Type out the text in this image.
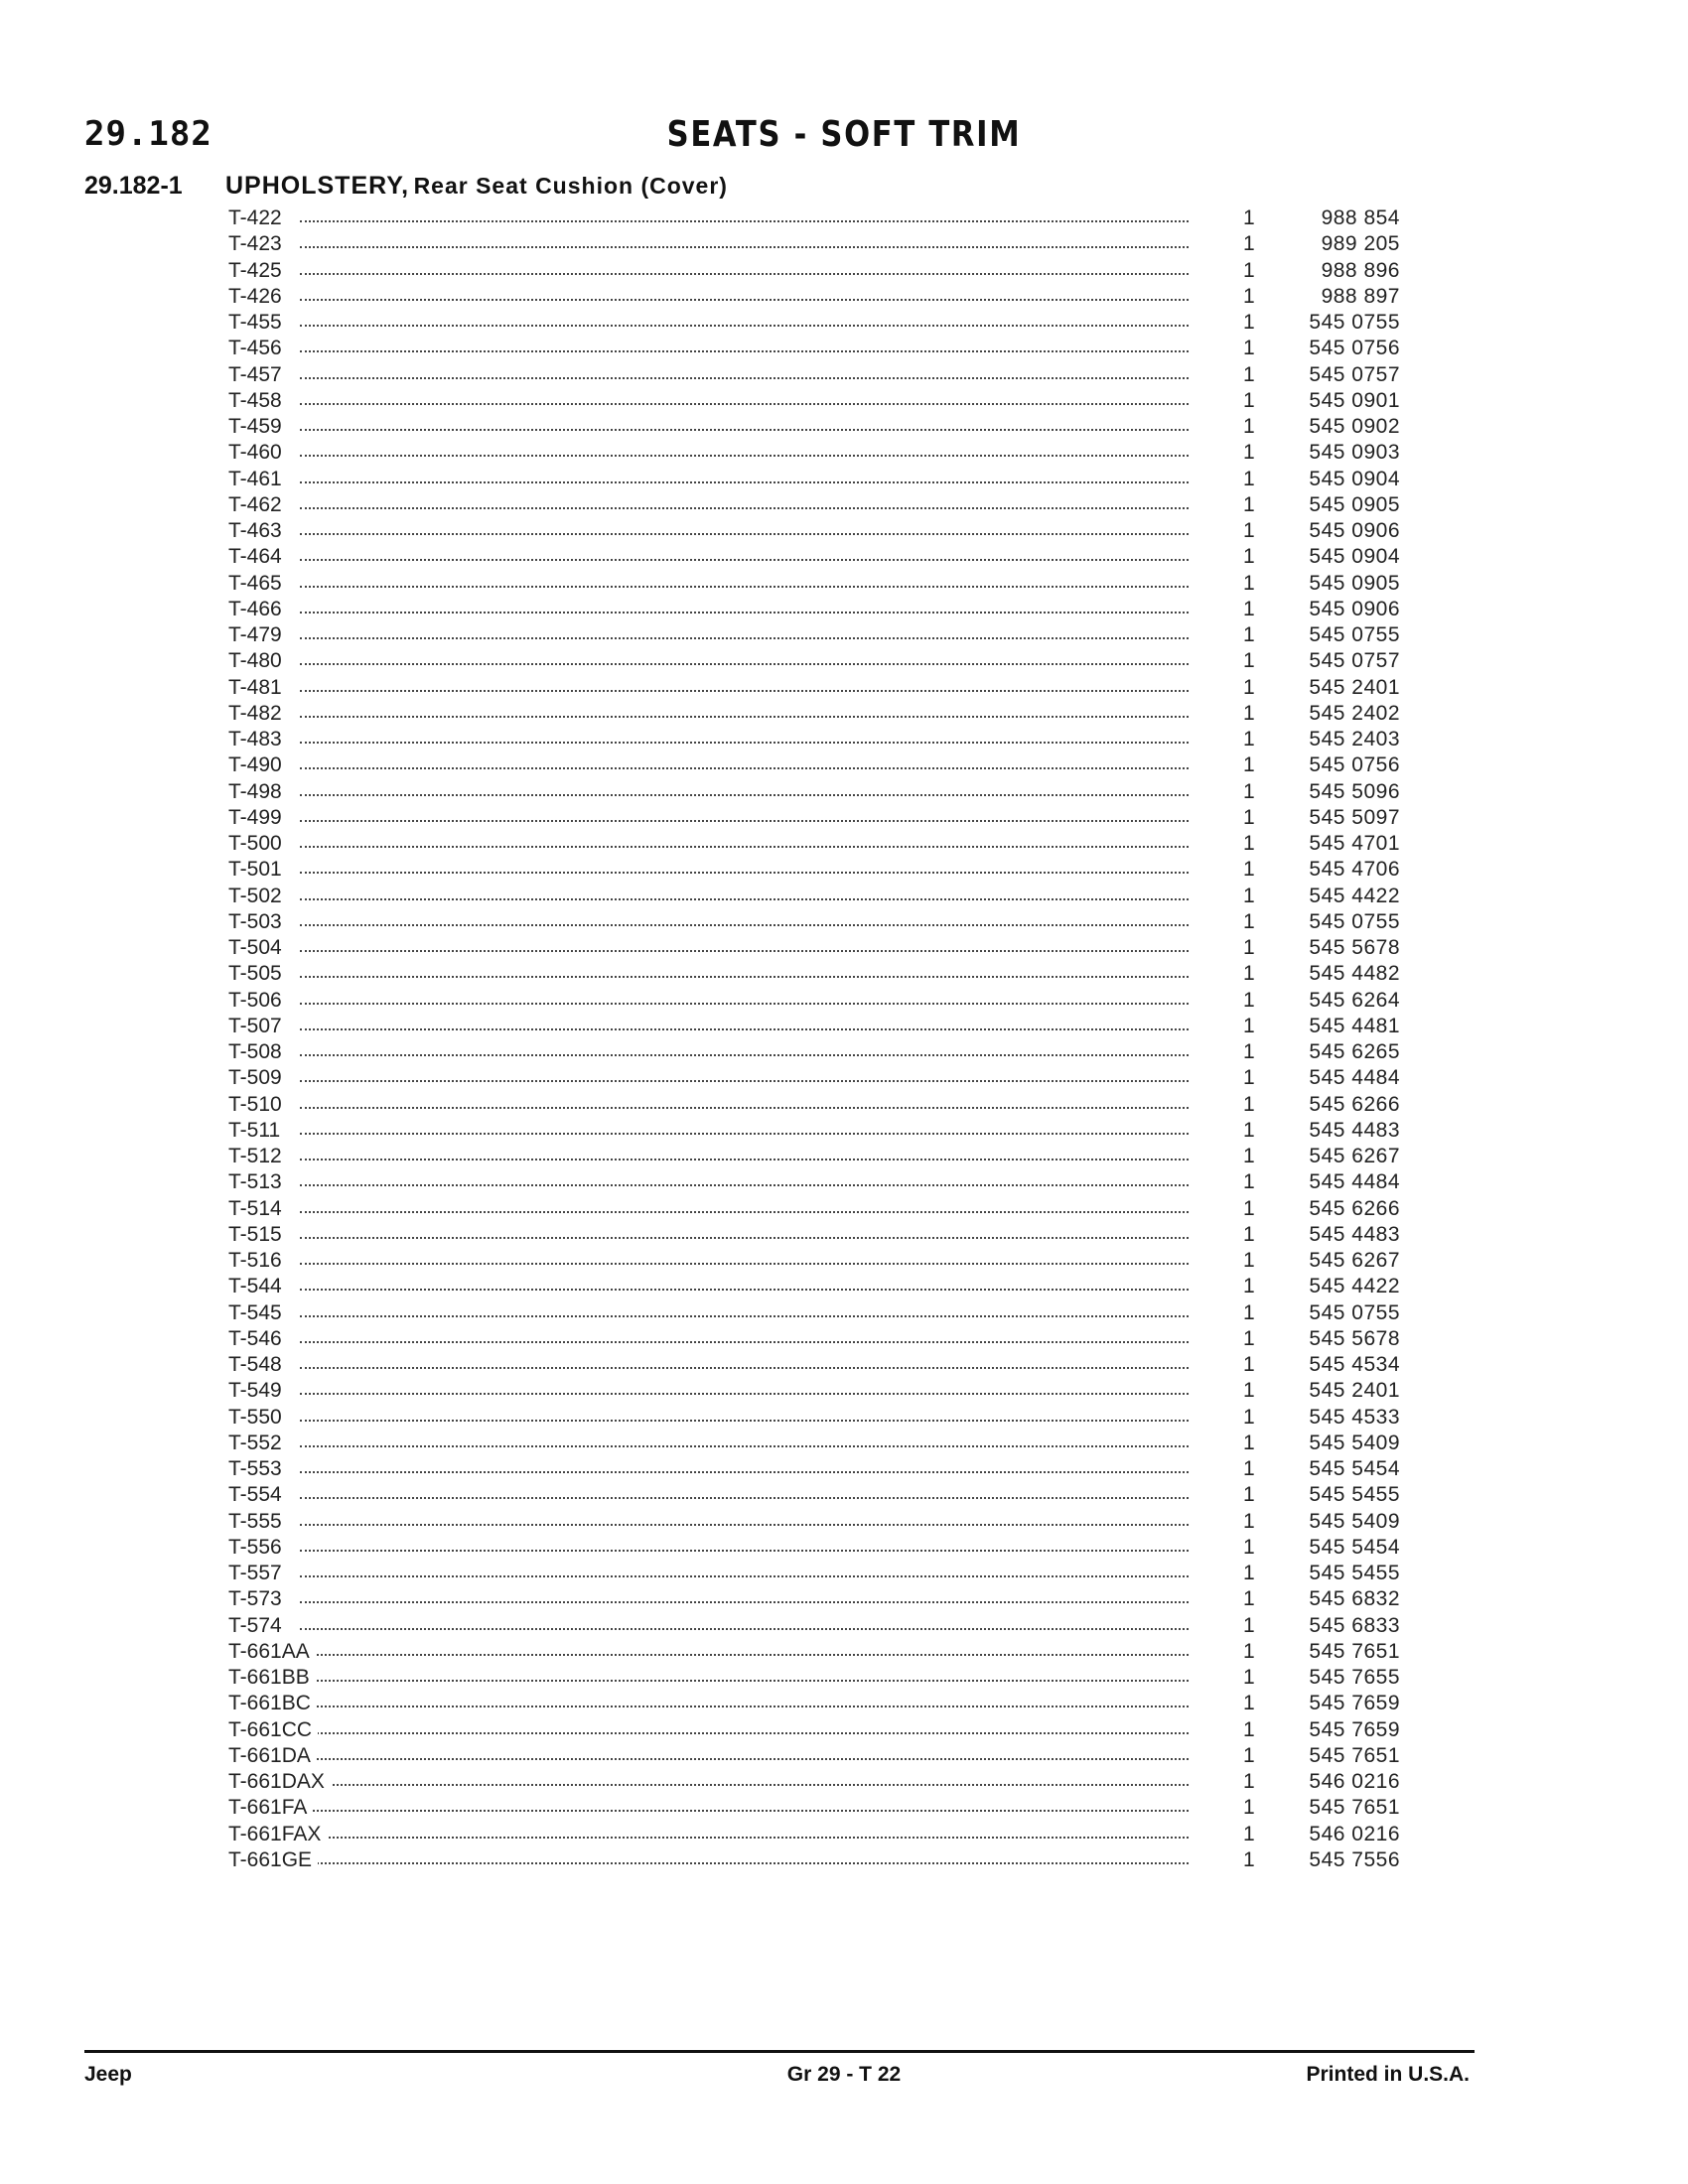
29.182	SEATS - SOFT TRIM
29.182-1 UPHOLSTERY, Rear Seat Cushion (Cover)
T-422	1	988 854
T-423	1	989 205
T-425	1	988 896
T-426	1	988 897
T-455	1	545 0755
T-456	1	545 0756
T-457	1	545 0757
T-458	1	545 0901
T-459	1	545 0902
T-460	1	545 0903
T-461	1	545 0904
T-462	1	545 0905
T-463	1	545 0906
T-464	1	545 0904
T-465	1	545 0905
T-466	1	545 0906
T-479	1	545 0755
T-480	1	545 0757
T-481	1	545 2401
T-482	1	545 2402
T-483	1	545 2403
T-490	1	545 0756
T-498	1	545 5096
T-499	1	545 5097
T-500	1	545 4701
T-501	1	545 4706
T-502	1	545 4422
T-503	1	545 0755
T-504	1	545 5678
T-505	1	545 4482
T-506	1	545 6264
T-507	1	545 4481
T-508	1	545 6265
T-509	1	545 4484
T-510	1	545 6266
T-511	1	545 4483
T-512	1	545 6267
T-513	1	545 4484
T-514	1	545 6266
T-515	1	545 4483
T-516	1	545 6267
T-544	1	545 4422
T-545	1	545 0755
T-546	1	545 5678
T-548	1	545 4534
T-549	1	545 2401
T-550	1	545 4533
T-552	1	545 5409
T-553	1	545 5454
T-554	1	545 5455
T-555	1	545 5409
T-556	1	545 5454
T-557	1	545 5455
T-573	1	545 6832
T-574	1	545 6833
T-661AA	1	545 7651
T-661BB	1	545 7655
T-661BC	1	545 7659
T-661CC	1	545 7659
T-661DA	1	545 7651
T-661DAX	1	546 0216
T-661FA	1	545 7651
T-661FAX	1	546 0216
T-661GE	1	545 7556
Jeep	Gr 29 - T 22	Printed in U.S.A.
